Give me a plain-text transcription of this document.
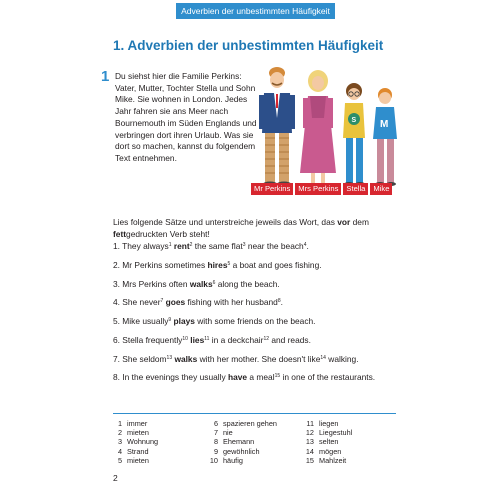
Adverbien der unbestimmten Häufigkeit
1. Adverbien der unbestimmten Häufigkeit
1 Du siehst hier die Familie Perkins: Vater, Mutter, Tochter Stella und Sohn Mike. Sie wohnen in London. Jedes Jahr fahren sie ans Meer nach Bournemouth im Süden Englands und verbringen dort ihren Urlaub. Was sie dort so machen, kannst du folgendem Text entnehmen.
S M
Mr Perkins	Mrs Perkins	Stella	Mike
Lies folgende Sätze und unterstreiche jeweils das Wort, das vor dem fettgedruckten Verb steht!
1. They always$^1$ rent$^2$ the same flat$^3$ near the beach$^4$.
2. Mr Perkins sometimes hires$^5$ a boat and goes fishing.
3. Mrs Perkins often walks$^6$ along the beach.
4. She never$^7$ goes fishing with her husband$^8$.
5. Mike usually$^9$ plays with some friends on the beach.
6. Stella frequently$^{10}$ lies$^{11}$ in a deckchair$^{12}$ and reads.
7. She seldom$^{13}$ walks with her mother. She doesn't like$^{14}$ walking.
8. In the evenings they usually have a meal$^{15}$ in one of the restaurants.
1 immer
2 mieten
3 Wohnung
4 Strand
5 mieten
6 spazieren gehen
7 nie
8 Ehemann
9 gewöhnlich
10 häufig
11 liegen
12 Liegestuhl
13 selten
14 mögen
15 Mahlzeit
2
